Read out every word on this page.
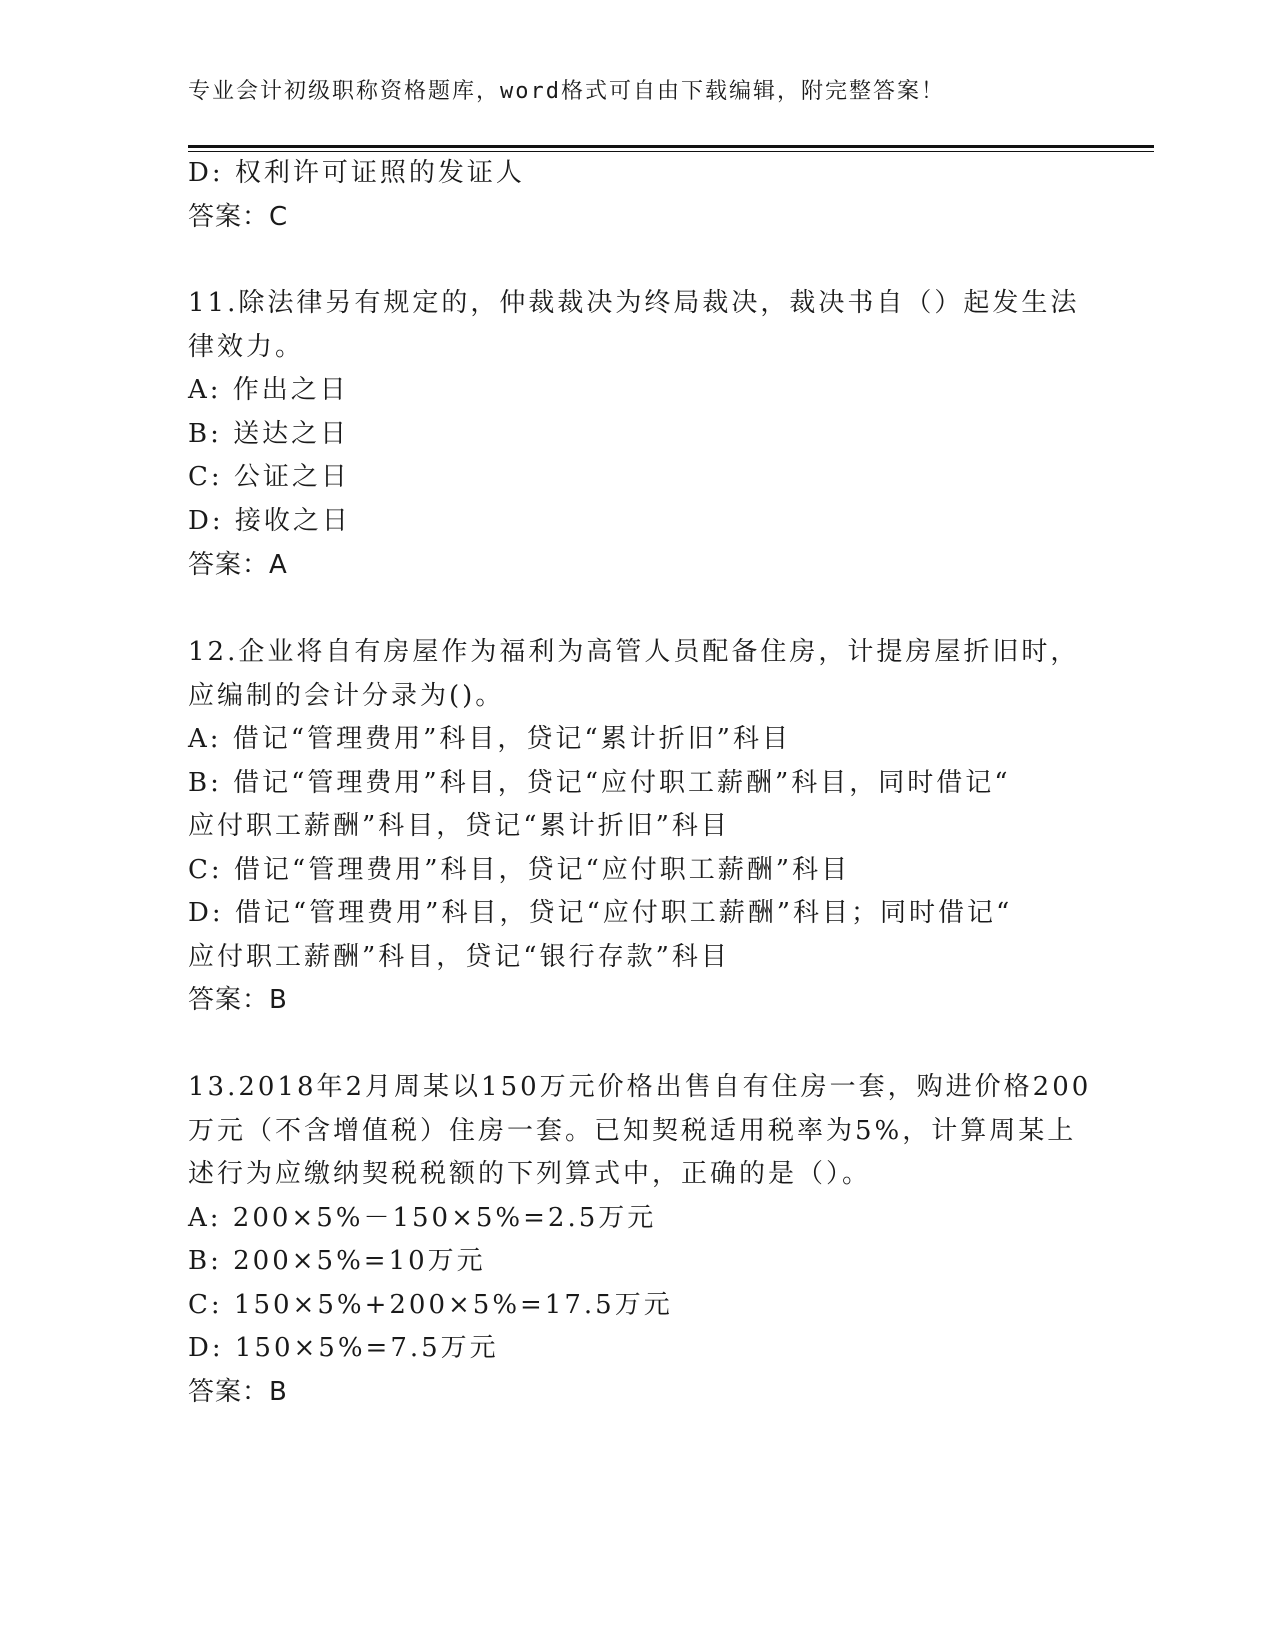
专业会计初级职称资格题库，word格式可自由下载编辑，附完整答案！
D: 权利许可证照的发证人
答案：C
11.除法律另有规定的，仲裁裁决为终局裁决，裁决书自（）起发生法
律效力。
A: 作出之日
B: 送达之日
C: 公证之日
D: 接收之日
答案：A
12.企业将自有房屋作为福利为高管人员配备住房，计提房屋折旧时，
应编制的会计分录为()。
A: 借记“管理费用”科目，贷记“累计折旧”科目
B: 借记“管理费用”科目，贷记“应付职工薪酬”科目，同时借记“
应付职工薪酬”科目，贷记“累计折旧”科目
C: 借记“管理费用”科目，贷记“应付职工薪酬”科目
D: 借记“管理费用”科目，贷记“应付职工薪酬”科目；同时借记“
应付职工薪酬”科目，贷记“银行存款”科目
答案：B
13.2018年2月周某以150万元价格出售自有住房一套，购进价格200
万元（不含增值税）住房一套。已知契税适用税率为5%，计算周某上
述行为应缴纳契税税额的下列算式中，正确的是（）。
A: 200×5%－150×5%=2.5万元
B: 200×5%=10万元
C: 150×5%+200×5%=17.5万元
D: 150×5%=7.5万元
答案：B
